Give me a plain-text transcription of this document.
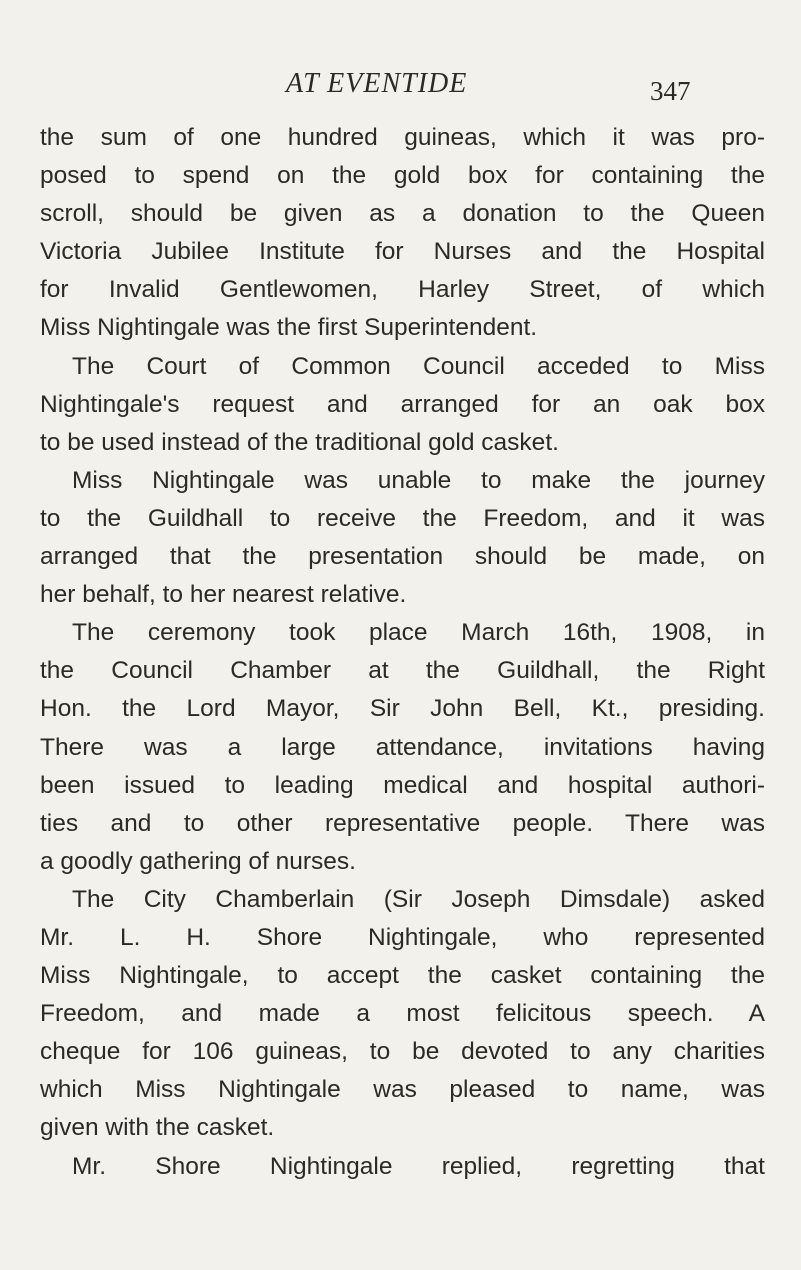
AT EVENTIDE	347
the sum of one hundred guineas, which it was pro-
posed to spend on the gold box for containing the
scroll, should be given as a donation to the Queen
Victoria Jubilee Institute for Nurses and the Hospital
for Invalid Gentlewomen, Harley Street, of which
Miss Nightingale was the first Superintendent.
The Court of Common Council acceded to Miss
Nightingale's request and arranged for an oak box
to be used instead of the traditional gold casket.
Miss Nightingale was unable to make the journey
to the Guildhall to receive the Freedom, and it was
arranged that the presentation should be made, on
her behalf, to her nearest relative.
The ceremony took place March 16th, 1908, in
the Council Chamber at the Guildhall, the Right
Hon. the Lord Mayor, Sir John Bell, Kt., presiding.
There was a large attendance, invitations having
been issued to leading medical and hospital authori-
ties and to other representative people. There was
a goodly gathering of nurses.
The City Chamberlain (Sir Joseph Dimsdale) asked
Mr. L. H. Shore Nightingale, who represented
Miss Nightingale, to accept the casket containing the
Freedom, and made a most felicitous speech. A
cheque for 106 guineas, to be devoted to any charities
which Miss Nightingale was pleased to name, was
given with the casket.
Mr. Shore Nightingale replied, regretting that
